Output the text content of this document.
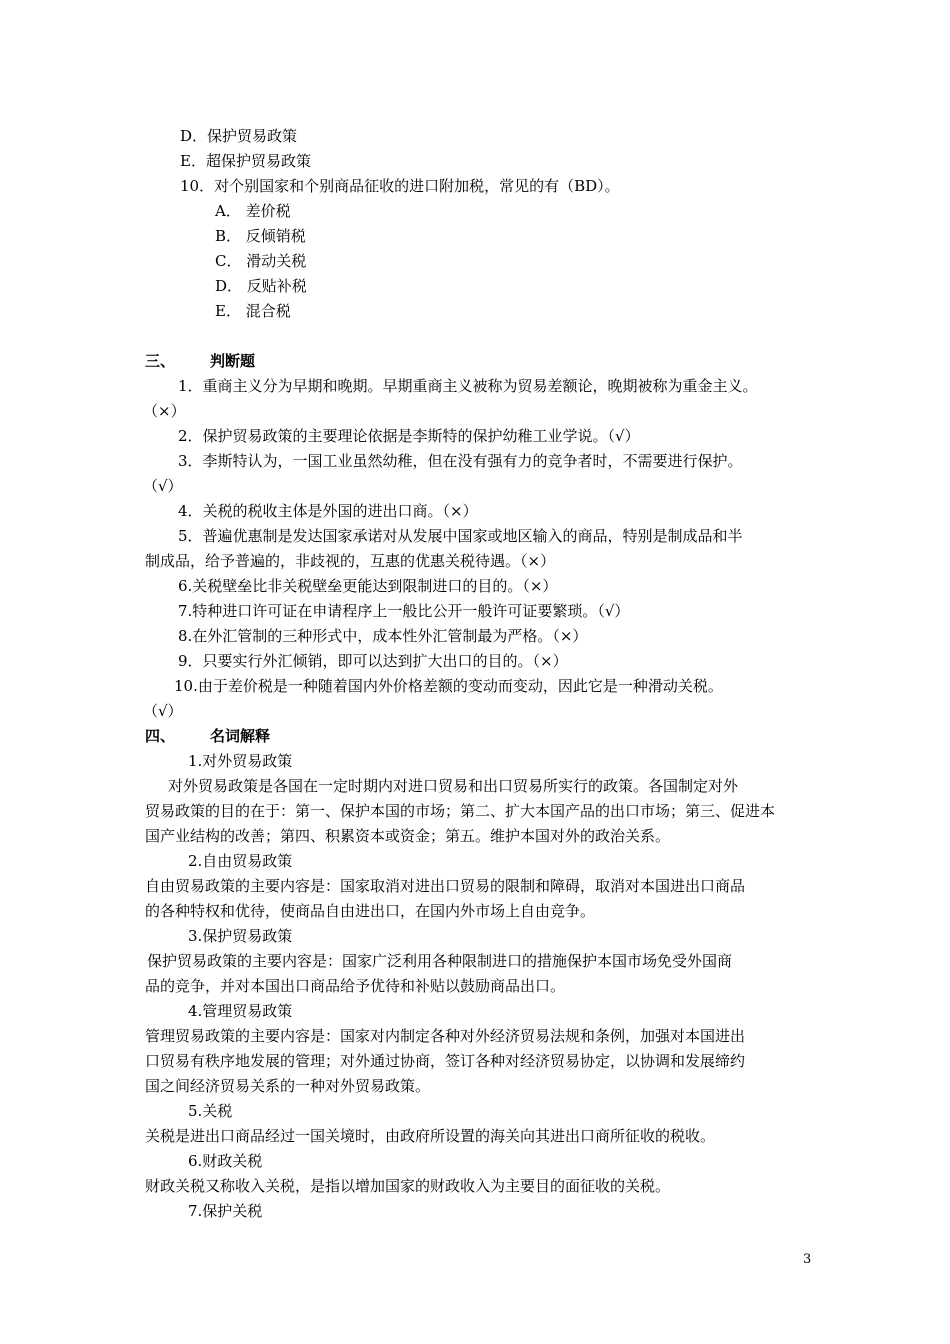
D．保护贸易政策
E．超保护贸易政策
10．对个别国家和个别商品征收的进口附加税，常见的有（BD）。
A． 差价税
B． 反倾销税
C． 滑动关税
D． 反贴补税
E． 混合税
三、 判断题
1．重商主义分为早期和晚期。早期重商主义被称为贸易差额论，晚期被称为重金主义。
（×）
2．保护贸易政策的主要理论依据是李斯特的保护幼稚工业学说。（√）
3．李斯特认为，一国工业虽然幼稚，但在没有强有力的竞争者时，不需要进行保护。
（√）
4．关税的税收主体是外国的进出口商。（×）
5．普遍优惠制是发达国家承诺对从发展中国家或地区输入的商品，特别是制成品和半
制成品，给予普遍的，非歧视的，互惠的优惠关税待遇。（×）
6.关税壁垒比非关税壁垒更能达到限制进口的目的。（×）
7.特种进口许可证在申请程序上一般比公开一般许可证要繁琐。（√）
8.在外汇管制的三种形式中，成本性外汇管制最为严格。（×）
9．只要实行外汇倾销，即可以达到扩大出口的目的。（×）
10.由于差价税是一种随着国内外价格差额的变动而变动，因此它是一种滑动关税。
（√）
四、 名词解释
1.对外贸易政策
对外贸易政策是各国在一定时期内对进口贸易和出口贸易所实行的政策。各国制定对外
贸易政策的目的在于：第一、保护本国的市场；第二、扩大本国产品的出口市场；第三、促进本
国产业结构的改善；第四、积累资本或资金；第五。维护本国对外的政治关系。
2.自由贸易政策
自由贸易政策的主要内容是：国家取消对进出口贸易的限制和障碍，取消对本国进出口商品
的各种特权和优待，使商品自由进出口，在国内外市场上自由竞争。
3.保护贸易政策
保护贸易政策的主要内容是：国家广泛利用各种限制进口的措施保护本国市场免受外国商
品的竞争，并对本国出口商品给予优待和补贴以鼓励商品出口。
4.管理贸易政策
管理贸易政策的主要内容是：国家对内制定各种对外经济贸易法规和条例，加强对本国进出
口贸易有秩序地发展的管理；对外通过协商，签订各种对经济贸易协定，以协调和发展缔约
国之间经济贸易关系的一种对外贸易政策。
5.关税
关税是进出口商品经过一国关境时，由政府所设置的海关向其进出口商所征收的税收。
6.财政关税
财政关税又称收入关税，是指以增加国家的财政收入为主要目的面征收的关税。
7.保护关税
3
